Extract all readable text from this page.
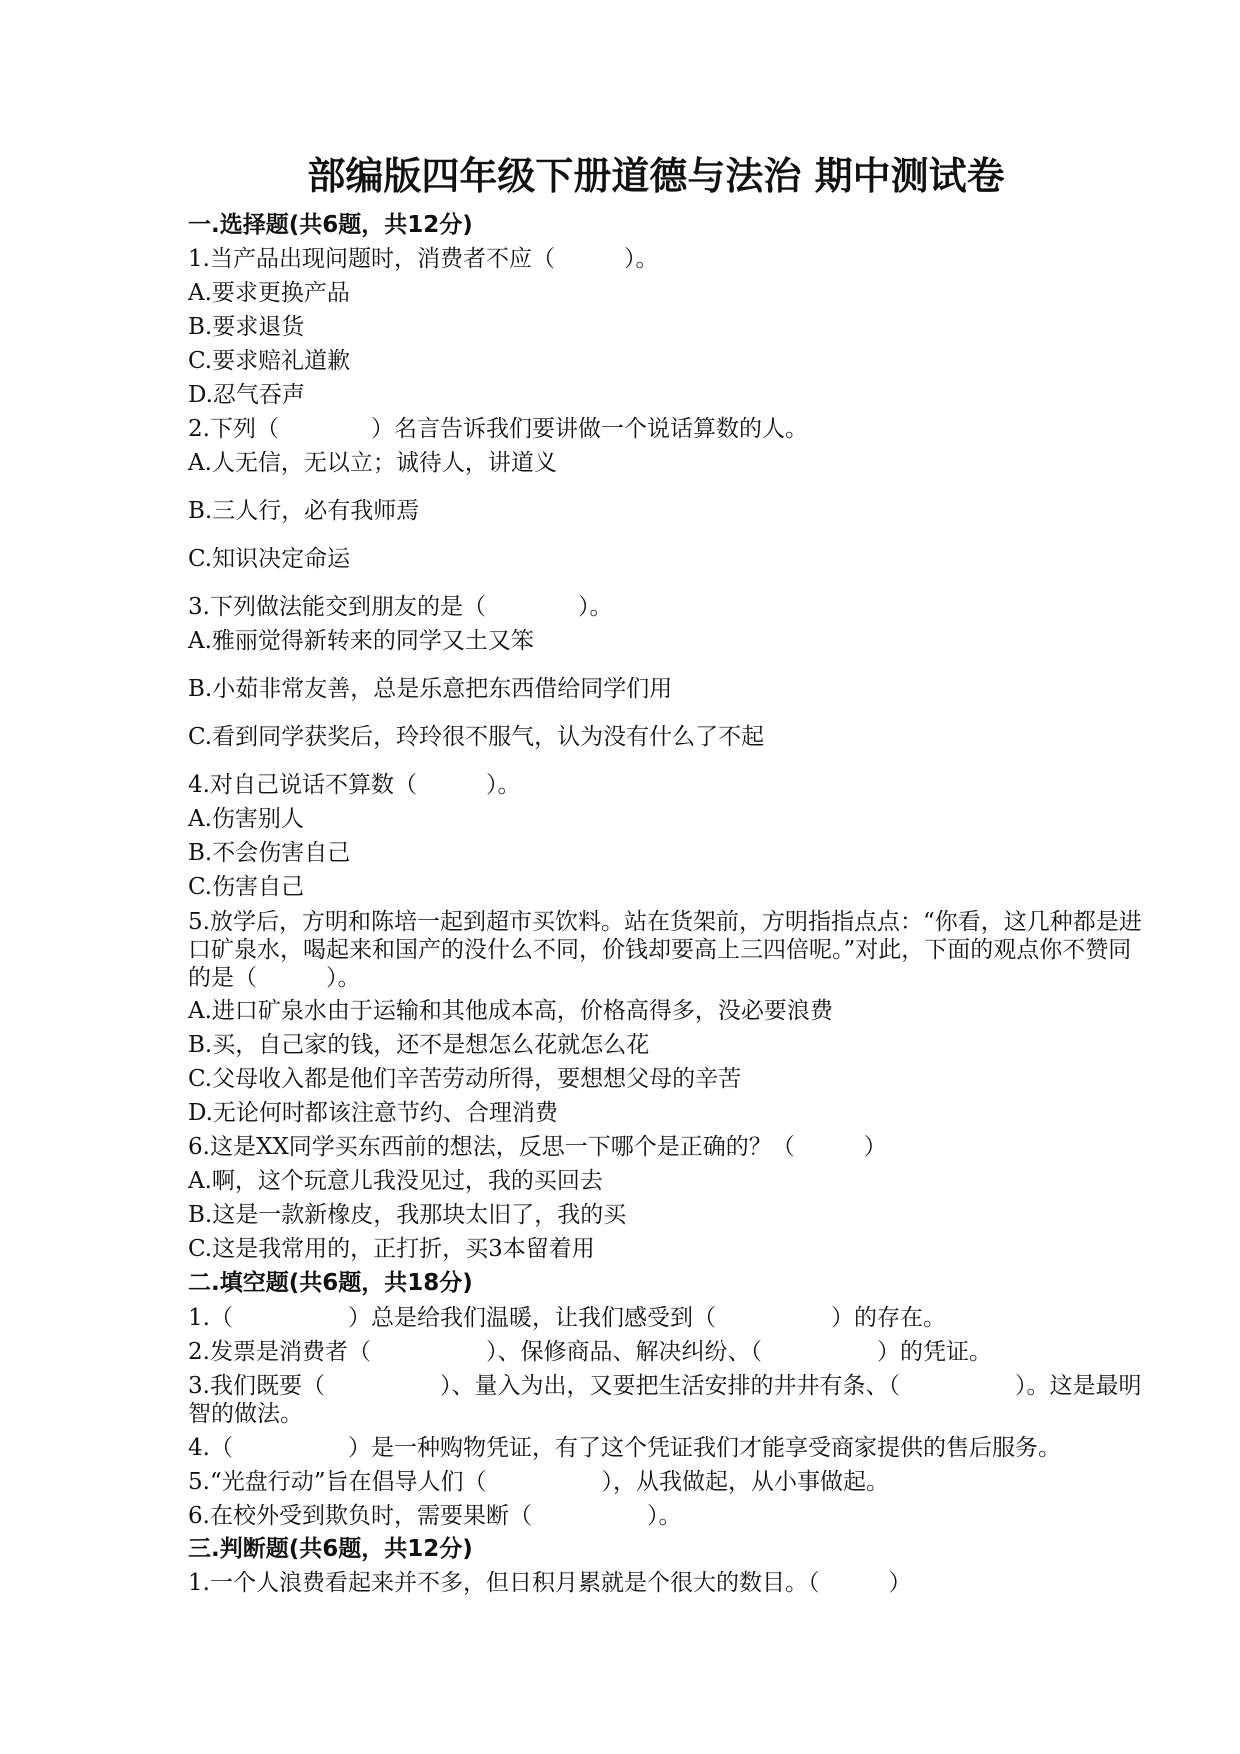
部编版四年级下册道德与法治 期中测试卷
一.选择题(共6题，共12分)

1.当产品出现问题时，消费者不应（　　　）。

A.要求更换产品

B.要求退货

C.要求赔礼道歉

D.忍气吞声

2.下列（　　　　）名言告诉我们要讲做一个说话算数的人。

A.人无信，无以立；诚待人，讲道义

B.三人行，必有我师焉

C.知识决定命运

3.下列做法能交到朋友的是（　　　　）。

A.雅丽觉得新转来的同学又土又笨

B.小茹非常友善，总是乐意把东西借给同学们用

C.看到同学获奖后，玲玲很不服气，认为没有什么了不起

4.对自己说话不算数（　　　）。

A.伤害别人

B.不会伤害自己

C.伤害自己

5.放学后，方明和陈培一起到超市买饮料。站在货架前，方明指指点点：“你看，这几种都是进口矿泉水，喝起来和国产的没什么不同，价钱却要高上三四倍呢。”对此，下面的观点你不赞同的是（　　　）。

A.进口矿泉水由于运输和其他成本高，价格高得多，没必要浪费

B.买，自己家的钱，还不是想怎么花就怎么花

C.父母收入都是他们辛苦劳动所得，要想想父母的辛苦

D.无论何时都该注意节约、合理消费

6.这是XX同学买东西前的想法，反思一下哪个是正确的？（　　　）

A.啊，这个玩意儿我没见过，我的买回去

B.这是一款新橡皮，我那块太旧了，我的买

C.这是我常用的，正打折，买3本留着用

二.填空题(共6题，共18分)

1.（　　　　　）总是给我们温暖，让我们感受到（　　　　　）的存在。

2.发票是消费者（　　　　　）、保修商品、解决纠纷、（　　　　　）的凭证。

3.我们既要（　　　　　）、量入为出，又要把生活安排的井井有条、（　　　　　）。这是最明智的做法。

4.（　　　　　）是一种购物凭证，有了这个凭证我们才能享受商家提供的售后服务。

5.“光盘行动”旨在倡导人们（　　　　　），从我做起，从小事做起。

6.在校外受到欺负时，需要果断（　　　　　）。

三.判断题(共6题，共12分)

1.一个人浪费看起来并不多，但日积月累就是个很大的数目。（　　　）
